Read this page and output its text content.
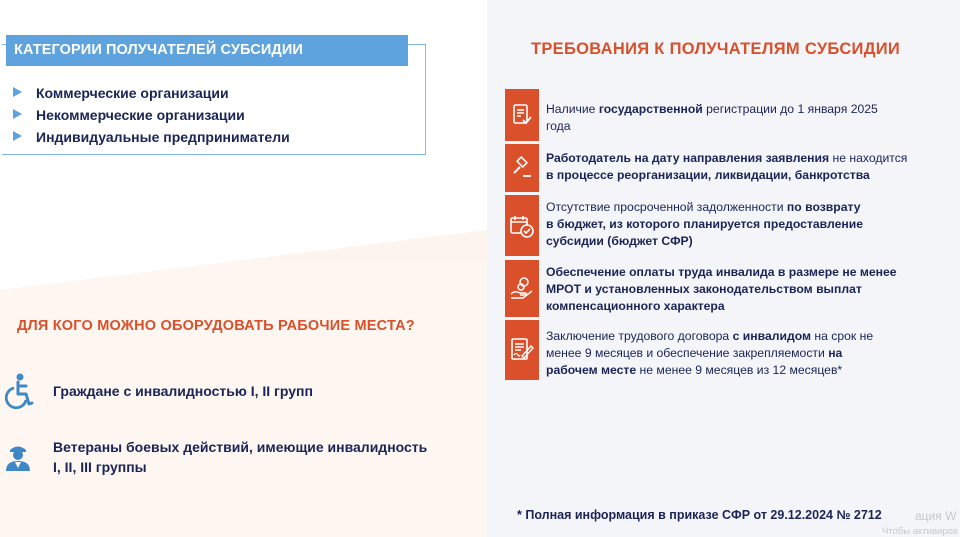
КАТЕГОРИИ ПОЛУЧАТЕЛЕЙ СУБСИДИИ
Коммерческие организации
Некоммерческие организации
Индивидуальные предприниматели
ДЛЯ КОГО МОЖНО ОБОРУДОВАТЬ РАБОЧИЕ МЕСТА?
Граждане с инвалидностью I, II групп
Ветераны боевых действий, имеющие инвалидность
I, II, III группы
ТРЕБОВАНИЯ К ПОЛУЧАТЕЛЯМ СУБСИДИИ
Наличие государственной регистрации до 1 января 2025
года
Работодатель на дату направления заявления не находится
в процессе реорганизации, ликвидации, банкротства
Отсутствие просроченной задолженности по возврату
в бюджет, из которого планируется предоставление
субсидии (бюджет СФР)
Обеспечение оплаты труда инвалида в размере не менее
МРОТ и установленных законодательством выплат
компенсационного характера
Заключение трудового договора с инвалидом на срок не
менее 9 месяцев и обеспечение закрепляемости на
рабочем месте не менее 9 месяцев из 12 месяцев*
* Полная информация в приказе СФР от 29.12.2024 № 2712	ация W
Чтобы активиров
